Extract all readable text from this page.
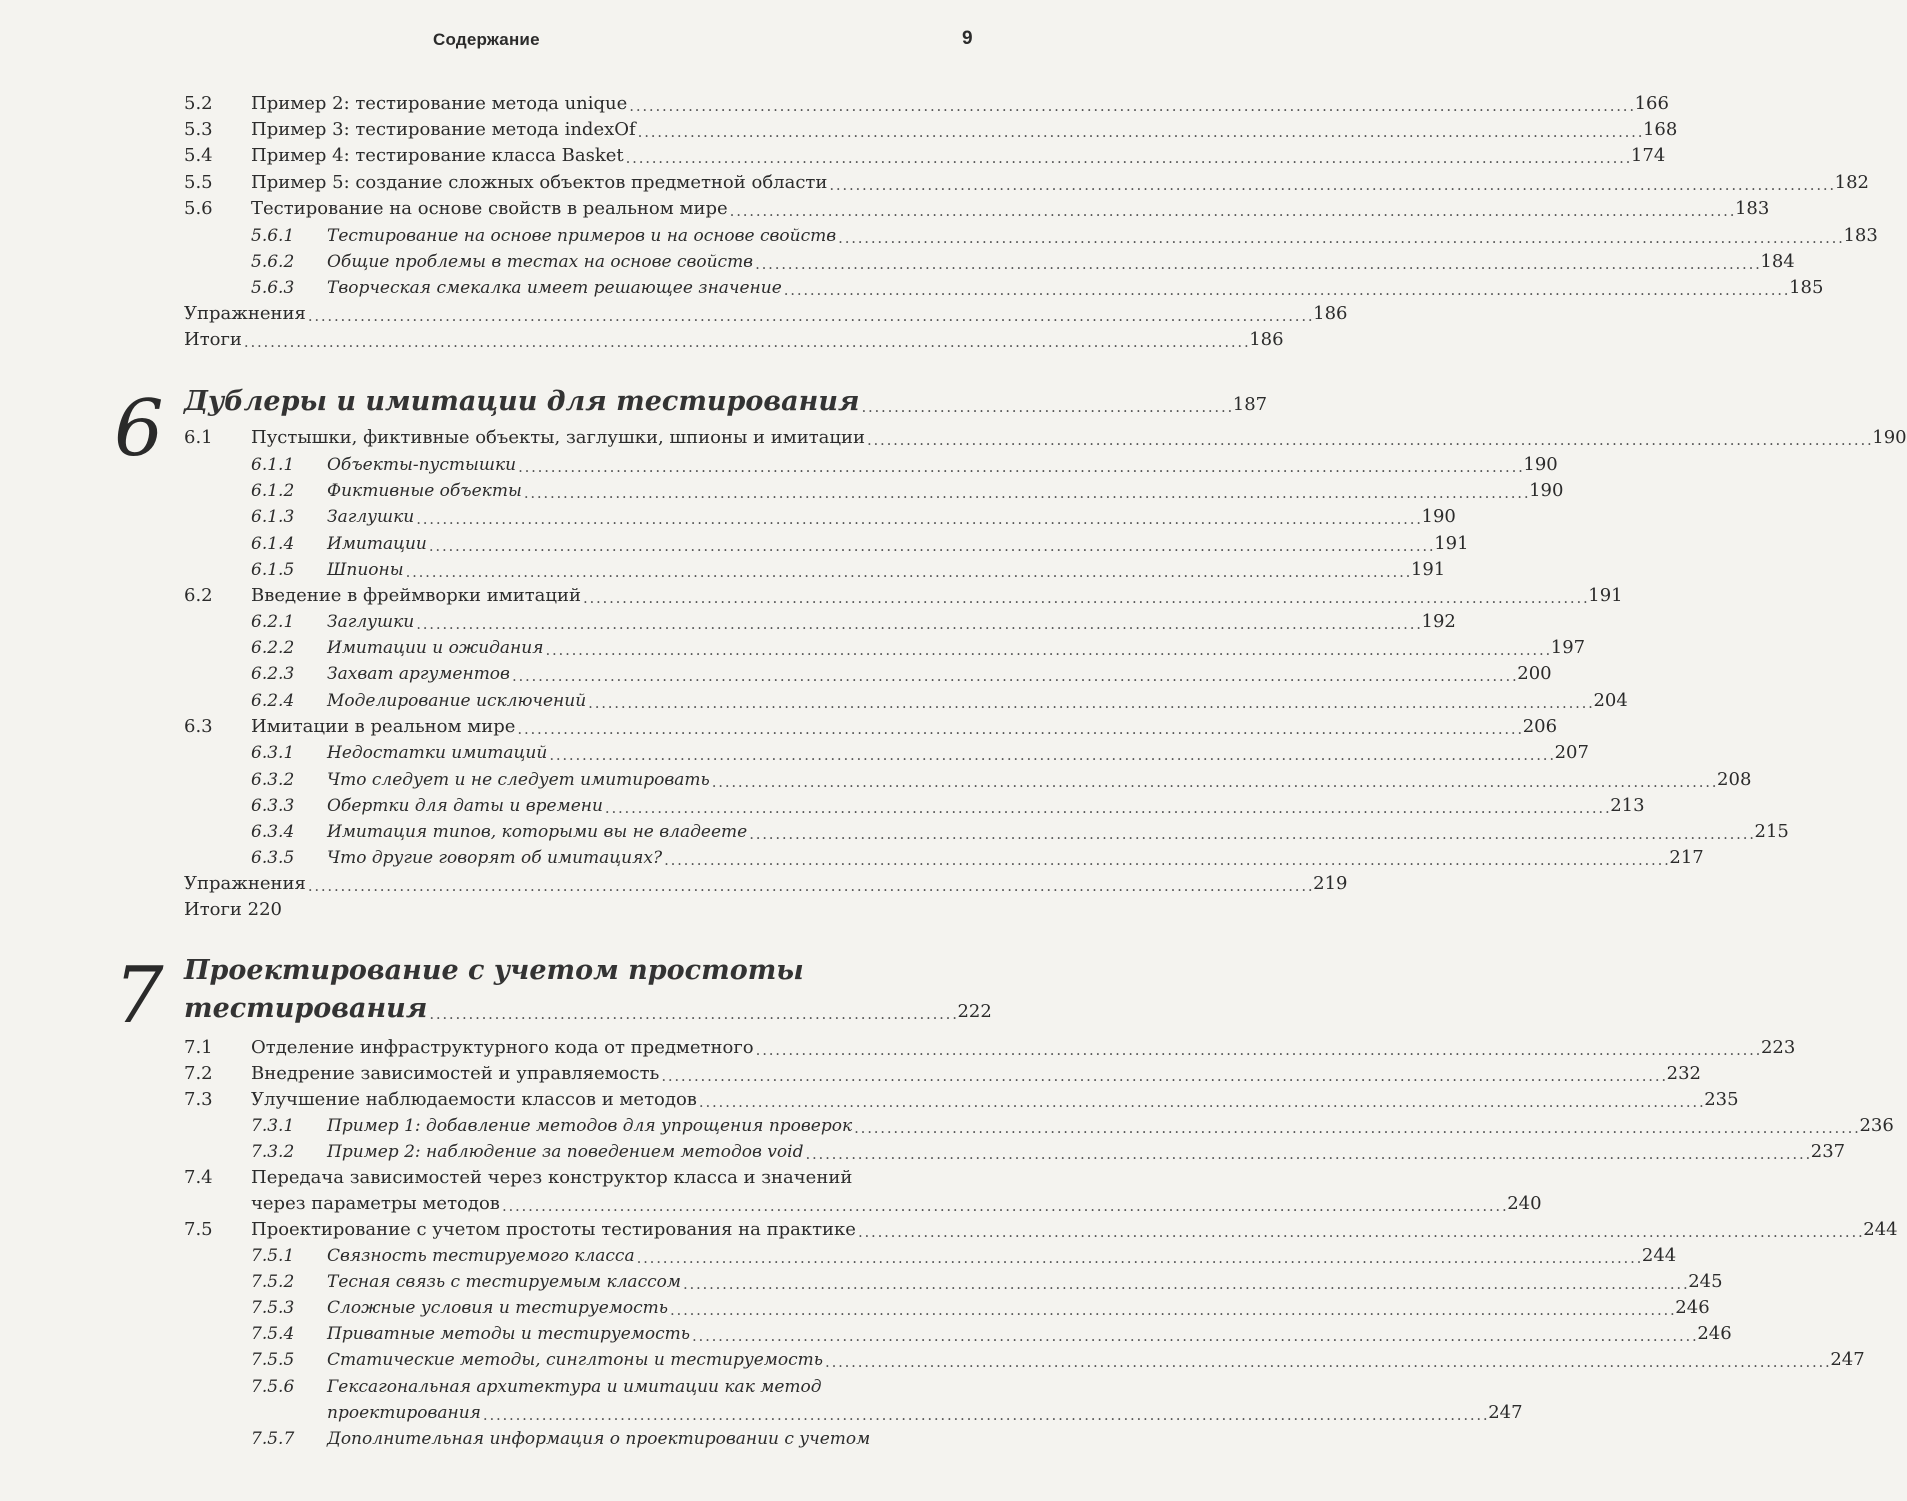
Содержание	9
5.2	Пример 2: тестирование метода unique . . .	166
5.3	Пример 3: тестирование метода indexOf . . .	168
5.4	Пример 4: тестирование класса Basket . . .	174
5.5	Пример 5: создание сложных объектов предметной области . . .	182
5.6	Тестирование на основе свойств в реальном мире . . .	183
5.6.1	Тестирование на основе примеров и на основе свойств . . .	183
5.6.2	Общие проблемы в тестах на основе свойств . . .	184
5.6.3	Творческая смекалка имеет решающее значение . . .	185
Упражнения . . .	186
Итоги . . .	186
6 Дублеры и имитации для тестирования . . . . . . . . . . . . . . . . . . . . . . . . . . . . . . . . . . . . . . . . . . . . . . . . . . . . . . . . . 187
6.1	Пустышки, фиктивные объекты, заглушки, шпионы и имитации . . .	190
6.1.1	Объекты-пустышки . . .	190
6.1.2	Фиктивные объекты . . .	190
6.1.3	Заглушки . . .	190
6.1.4	Имитации . . .	191
6.1.5	Шпионы . . .	191
6.2	Введение в фреймворки имитаций . . .	191
6.2.1	Заглушки . . .	192
6.2.2	Имитации и ожидания . . .	197
6.2.3	Захват аргументов . . .	200
6.2.4	Моделирование исключений . . .	204
6.3	Имитации в реальном мире . . .	206
6.3.1	Недостатки имитаций . . .	207
6.3.2	Что следует и не следует имитировать . . .	208
6.3.3	Обертки для даты и времени . . .	213
6.3.4	Имитация типов, которыми вы не владеете . . .	215
6.3.5	Что другие говорят об имитациях? . . .	217
Упражнения . . .	219
Итоги 220
7 Проектирование с учетом простоты
тестирования . . . . . . . . . . . . . . . . . . . . . . . . . . . . . . . . . . . . . . . . . . . . . . . . . . . . . . . . . . . . . . . . . . . . . . . . . . . . . . . . . 222
7.1	Отделение инфраструктурного кода от предметного . . .	223
7.2	Внедрение зависимостей и управляемость . . .	232
7.3	Улучшение наблюдаемости классов и методов . . .	235
7.3.1	Пример 1: добавление методов для упрощения проверок . . .	236
7.3.2	Пример 2: наблюдение за поведением методов void . . .	237
7.4	Передача зависимостей через конструктор класса и значений
через параметры методов . . .	240
7.5	Проектирование с учетом простоты тестирования на практике . . .	244
7.5.1	Связность тестируемого класса . . .	244
7.5.2	Тесная связь с тестируемым классом . . .	245
7.5.3	Сложные условия и тестируемость . . .	246
7.5.4	Приватные методы и тестируемость . . .	246
7.5.5	Статические методы, синглтоны и тестируемость . . .	247
7.5.6	Гексагональная архитектура и имитации как метод
проектирования . . .	247
7.5.7	Дополнительная информация о проектировании с учетом
